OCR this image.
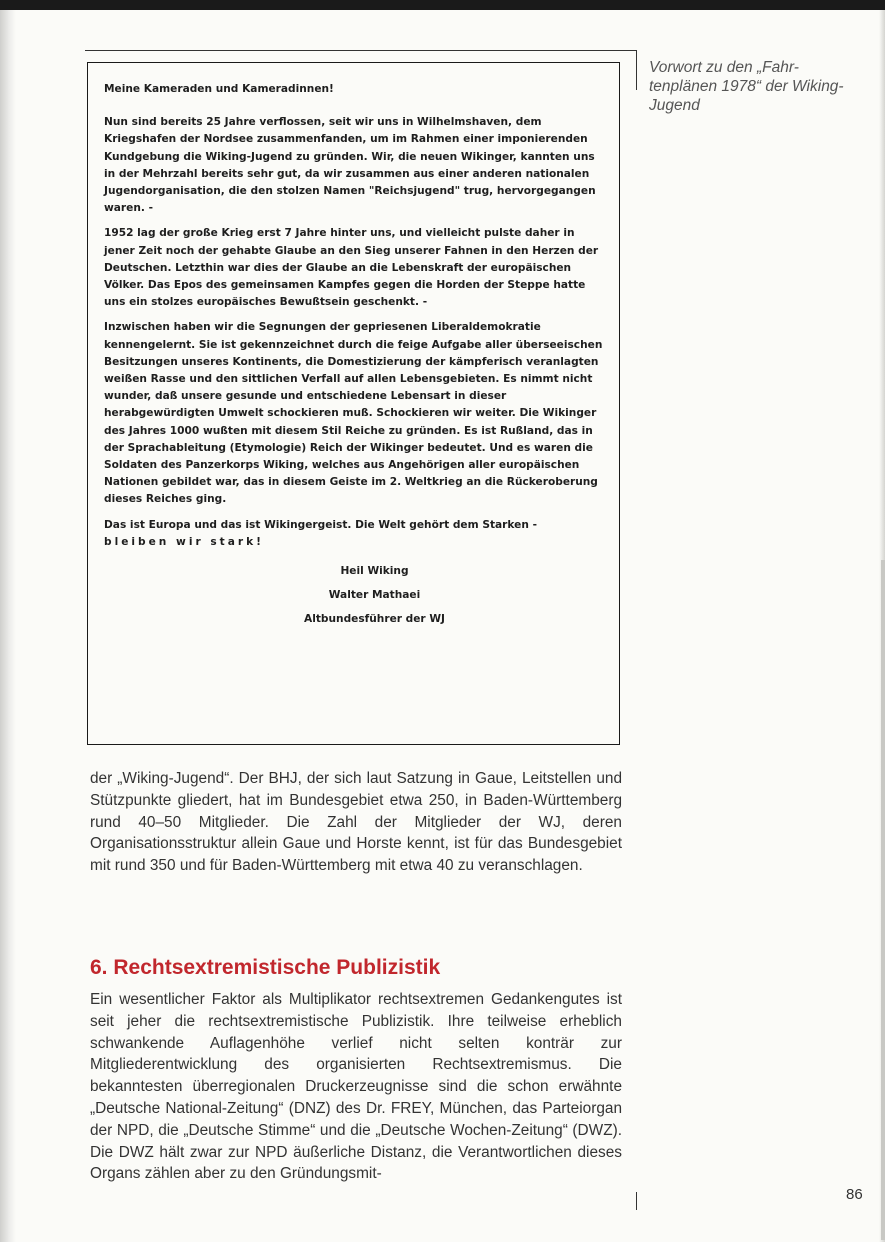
Meine Kameraden und Kameradinnen!

Nun sind bereits 25 Jahre verflossen, seit wir uns in Wilhelmshaven, dem Kriegshafen der Nordsee zusammenfanden, um im Rahmen einer imponierenden Kundgebung die Wiking-Jugend zu gründen. Wir, die neuen Wikinger, kannten uns in der Mehrzahl bereits sehr gut, da wir zusammen aus einer anderen nationalen Jugendorganisation, die den stolzen Namen "Reichsjugend" trug, hervorgegangen waren. -

1952 lag der große Krieg erst 7 Jahre hinter uns, und vielleicht pulste daher in jener Zeit noch der gehabte Glaube an den Sieg unserer Fahnen in den Herzen der Deutschen. Letzthin war dies der Glaube an die Lebenskraft der europäischen Völker. Das Epos des gemeinsamen Kampfes gegen die Horden der Steppe hatte uns ein stolzes europäisches Bewußtsein geschenkt. -

Inzwischen haben wir die Segnungen der gepriesenen Liberaldemokratie kennengelernt. Sie ist gekennzeichnet durch die feige Aufgabe aller überseeischen Besitzungen unseres Kontinents, die Domestizierung der kämpferisch veranlagten weißen Rasse und den sittlichen Verfall auf allen Lebensgebieten. Es nimmt nicht wunder, daß unsere gesunde und entschiedene Lebensart in dieser herabgewürdigten Umwelt schockieren muß. Schockieren wir weiter. Die Wikinger des Jahres 1000 wußten mit diesem Stil Reiche zu gründen. Es ist Rußland, das in der Sprachableitung (Etymologie) Reich der Wikinger bedeutet. Und es waren die Soldaten des Panzerkorps Wiking, welches aus Angehörigen aller europäischen Nationen gebildet war, das in diesem Geiste im 2. Weltkrieg an die Rückeroberung dieses Reiches ging.

Das ist Europa und das ist Wikingergeist. Die Welt gehört dem Starken - bleiben wir stark!

Heil Wiking

Walter Mathaei

Altbundesführer der WJ

Vorwort zu den „Fahr-tenplänen 1978“ der Wiking-Jugend

der „Wiking-Jugend“. Der BHJ, der sich laut Satzung in Gaue, Leitstellen und Stützpunkte gliedert, hat im Bundesgebiet etwa 250, in Baden-Württemberg rund 40–50 Mitglieder. Die Zahl der Mitglieder der WJ, deren Organisationsstruktur allein Gaue und Horste kennt, ist für das Bundesgebiet mit rund 350 und für Baden-Württemberg mit etwa 40 zu veranschlagen.

6. Rechtsextremistische Publizistik

Ein wesentlicher Faktor als Multiplikator rechtsextremen Gedankengutes ist seit jeher die rechtsextremistische Publizistik. Ihre teilweise erheblich schwankende Auflagenhöhe verlief nicht selten konträr zur Mitgliederentwicklung des organisierten Rechtsextremismus. Die bekanntesten überregionalen Druckerzeugnisse sind die schon erwähnte „Deutsche National-Zeitung“ (DNZ) des Dr. FREY, München, das Parteiorgan der NPD, die „Deutsche Stimme“ und die „Deutsche Wochen-Zeitung“ (DWZ). Die DWZ hält zwar zur NPD äußerliche Distanz, die Verantwortlichen dieses Organs zählen aber zu den Gründungsmit-

86
